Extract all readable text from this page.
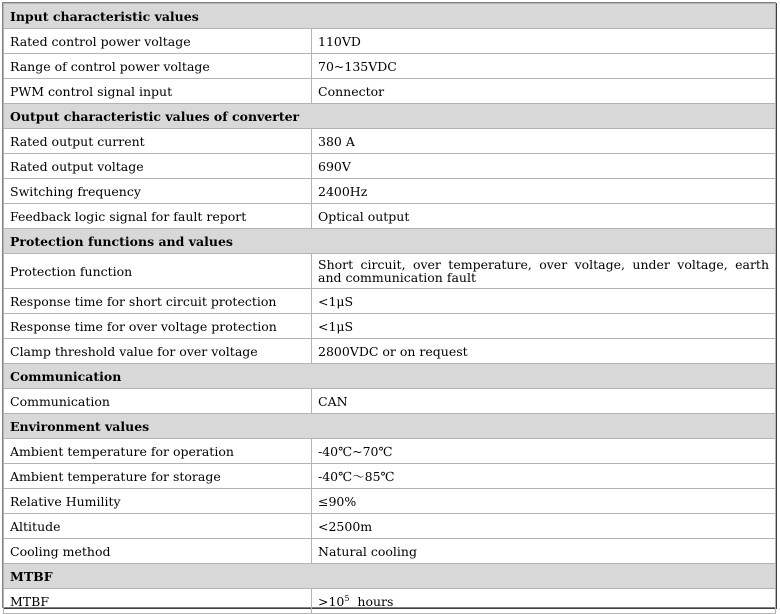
Input characteristic values	
Rated control power voltage	110VD
Range of control power voltage	70~135VDC
PWM control signal input	Connector
Output characteristic values of converter	
Rated output current	380 A
Rated output voltage	690V
Switching frequency	2400Hz
Feedback logic signal for fault report	Optical output
Protection functions and values	
Protection function	Short circuit, over temperature, over voltage, under voltage, earth and communication fault
Response time for short circuit protection	<1μS
Response time for over voltage protection	<1μS
Clamp threshold value for over voltage	2800VDC or on request
Communication	
Communication	CAN
Environment values	
Ambient temperature for operation	-40℃~70℃
Ambient temperature for storage	-40℃～85℃
Relative Humility	≤90%
Altitude	<2500m
Cooling method	Natural cooling
MTBF	
MTBF	$>10^5$  hours
